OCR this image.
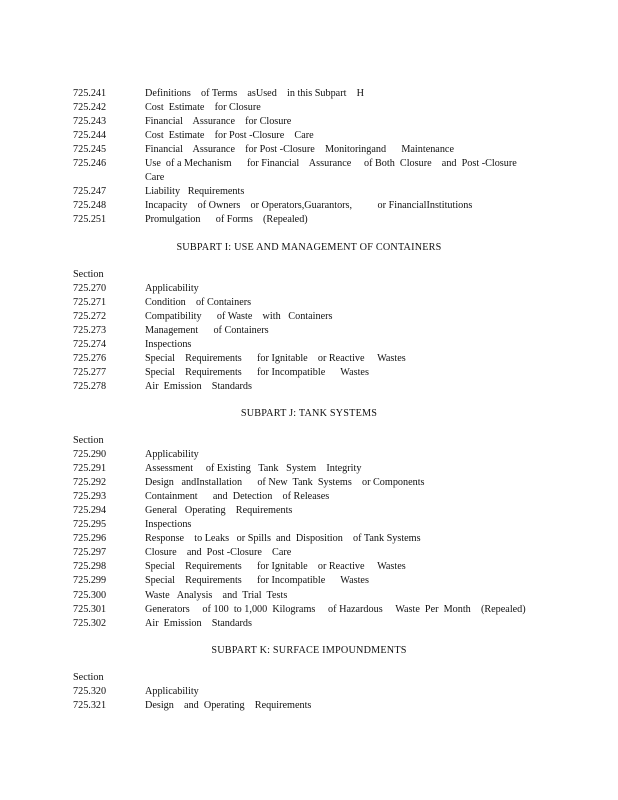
725.241	Definitions    of Terms    asUsed    in this Subpart    H
725.242	Cost  Estimate    for Closure
725.243	Financial    Assurance    for Closure
725.244	Cost  Estimate    for Post -Closure    Care
725.245	Financial    Assurance    for Post -Closure    Monitoringand      Maintenance
725.246	Use  of a Mechanism      for Financial    Assurance     of Both  Closure    and  Post -Closure
Care
725.247	Liability   Requirements
725.248	Incapacity    of Owners    or Operators,Guarantors,          or FinancialInstitutions
725.251	Promulgation      of Forms    (Repealed)
SUBPART I: USE AND MANAGEMENT OF CONTAINERS
Section
725.270	Applicability
725.271	Condition    of Containers
725.272	Compatibility      of Waste    with   Containers
725.273	Management      of Containers
725.274	Inspections
725.276	Special    Requirements      for Ignitable    or Reactive     Wastes
725.277	Special    Requirements      for Incompatible      Wastes
725.278	Air  Emission    Standards
SUBPART J: TANK SYSTEMS
Section
725.290	Applicability
725.291	Assessment     of Existing   Tank   System    Integrity
725.292	Design   andInstallation      of New  Tank  Systems    or Components
725.293	Containment      and  Detection    of Releases
725.294	General   Operating    Requirements
725.295	Inspections
725.296	Response    to Leaks   or Spills  and  Disposition    of Tank Systems
725.297	Closure    and  Post -Closure    Care
725.298	Special    Requirements      for Ignitable    or Reactive     Wastes
725.299	Special    Requirements      for Incompatible      Wastes
725.300	Waste   Analysis    and  Trial  Tests
725.301	Generators     of 100  to 1,000  Kilograms     of Hazardous     Waste  Per  Month    (Repealed)
725.302	Air  Emission    Standards
SUBPART K: SURFACE IMPOUNDMENTS
Section
725.320	Applicability
725.321	Design    and  Operating    Requirements
